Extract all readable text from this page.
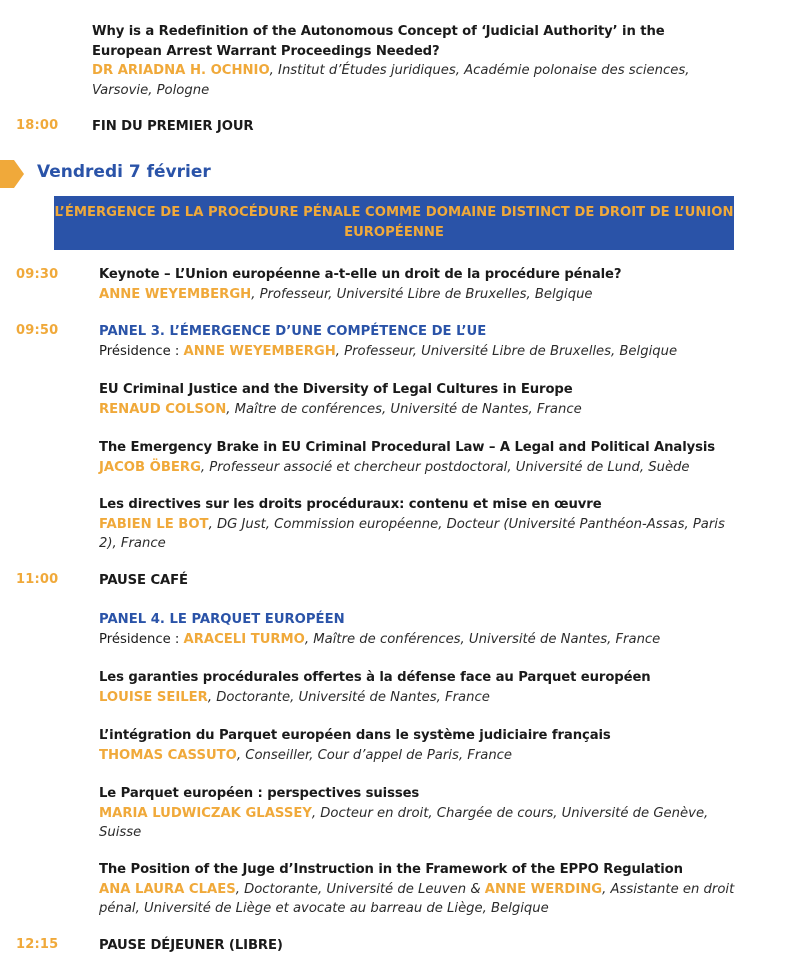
Why is a Redefinition of the Autonomous Concept of ‘Judicial Authority’ in the European Arrest Warrant Proceedings Needed?
DR ARIADNA H. OCHNIO, Institut d’Études juridiques, Académie polonaise des sciences, Varsovie, Pologne
18:00	FIN DU PREMIER JOUR
Vendredi 7 février
L’ÉMERGENCE DE LA PROCÉDURE PÉNALE COMME DOMAINE DISTINCT DE DROIT DE L’UNION EUROPÉENNE
09:30	Keynote – L’Union européenne a-t-elle un droit de la procédure pénale?
ANNE WEYEMBERGH, Professeur, Université Libre de Bruxelles, Belgique
09:50	PANEL 3. L’ÉMERGENCE D’UNE COMPÉTENCE DE L’UE
Présidence : ANNE WEYEMBERGH, Professeur, Université Libre de Bruxelles, Belgique
EU Criminal Justice and the Diversity of Legal Cultures in Europe
RENAUD COLSON, Maître de conférences, Université de Nantes, France
The Emergency Brake in EU Criminal Procedural Law – A Legal and Political Analysis
JACOB ÖBERG, Professeur associé et chercheur postdoctoral, Université de Lund, Suède
Les directives sur les droits procéduraux: contenu et mise en œuvre
FABIEN LE BOT, DG Just, Commission européenne, Docteur (Université Panthéon-Assas, Paris 2), France
11:00	PAUSE CAFÉ
PANEL 4. LE PARQUET EUROPÉEN
Présidence : ARACELI TURMO, Maître de conférences, Université de Nantes, France
Les garanties procédurales offertes à la défense face au Parquet européen
LOUISE SEILER, Doctorante, Université de Nantes, France
L’intégration du Parquet européen dans le système judiciaire français
THOMAS CASSUTO, Conseiller, Cour d’appel de Paris, France
Le Parquet européen : perspectives suisses
MARIA LUDWICZAK GLASSEY, Docteur en droit, Chargée de cours, Université de Genève, Suisse
The Position of the Juge d’Instruction in the Framework of the EPPO Regulation
ANA LAURA CLAES, Doctorante, Université de Leuven & ANNE WERDING, Assistante en droit pénal, Université de Liège et avocate au barreau de Liège, Belgique
12:15	PAUSE DÉJEUNER (LIBRE)
